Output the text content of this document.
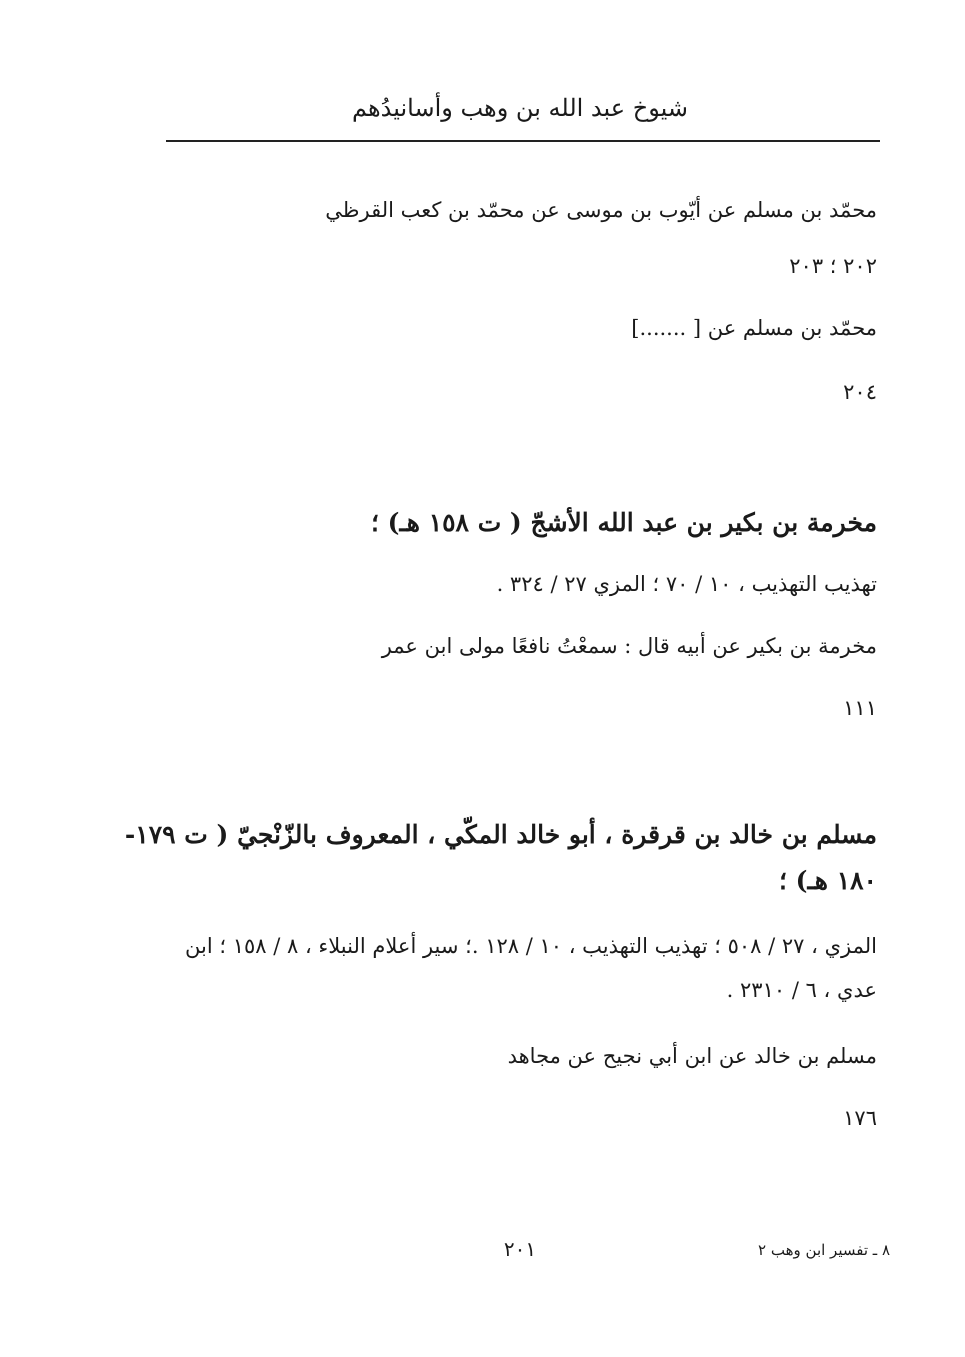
شيوخ عبد الله بن وهب وأسانيدُهم
محمّد بن مسلم عن أيّوب بن موسى عن محمّد بن كعب القرظي
٢٠٢ ؛ ٢٠٣
محمّد بن مسلم عن [ .......]
٢٠٤
مخرمة بن بكير بن عبد الله الأشجّ ( ت ١٥٨ هـ) ؛
تهذيب التهذيب ، ١٠ / ٧٠ ؛ المزي ٢٧ / ٣٢٤ .
مخرمة بن بكير عن أبيه قال : سمعْتُ نافعًا مولى ابن عمر
١١١
مسلم بن خالد بن قرقرة ، أبو خالد المكّي ، المعروف بالزّنْجيّ ( ت ١٧٩-
١٨٠ هـ) ؛
المزي ، ٢٧ / ٥٠٨ ؛ تهذيب التهذيب ، ١٠ / ١٢٨ .؛ سير أعلام النبلاء ، ٨ / ١٥٨ ؛ ابن
عدي ، ٦ / ٢٣١٠ .
مسلم بن خالد عن ابن أبي نجيح عن مجاهد
١٧٦
٢٠١	٨ ـ تفسير ابن وهب ٢
